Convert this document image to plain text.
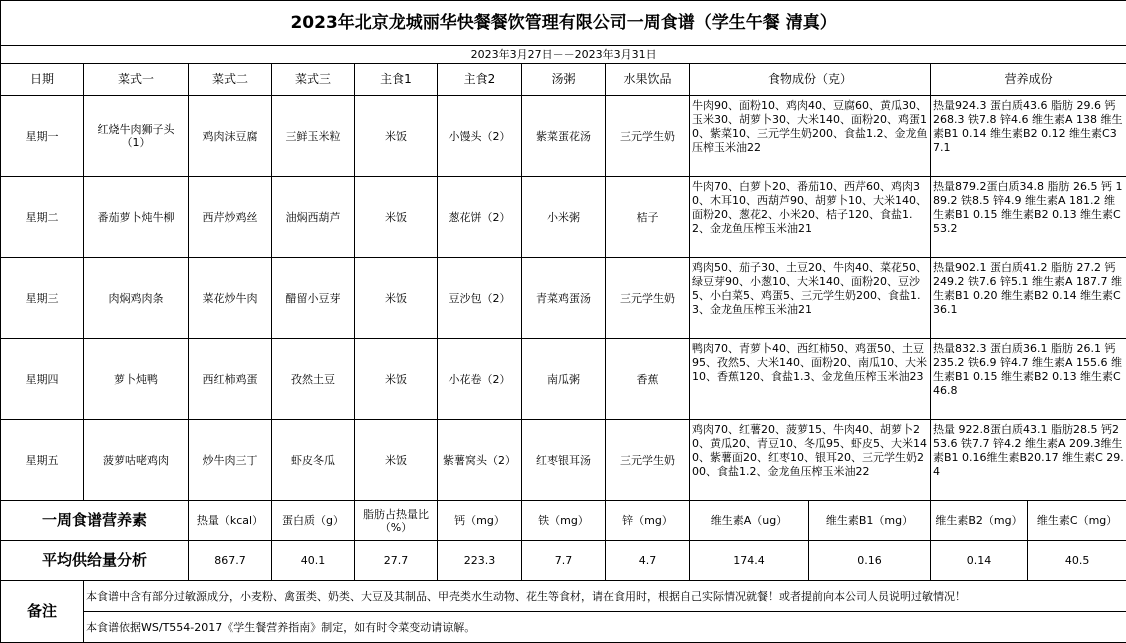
2023年北京龙城丽华快餐餐饮管理有限公司一周食谱（学生午餐 清真）											
2023年3月27日－－2023年3月31日											
日期	菜式一	菜式二	菜式三	主食1	主食2	汤粥	水果饮品	食物成份（克）		营养成份	
星期一	红烧牛肉狮子头（1）	鸡肉沫豆腐	三鲜玉米粒	米饭	小馒头（2）	紫菜蛋花汤	三元学生奶	牛肉90、面粉10、鸡肉40、豆腐60、黄瓜30、玉米30、胡萝卜30、大米140、面粉20、鸡蛋10、紫菜10、三元学生奶200、食盐1.2、金龙鱼压榨玉米油22		热量924.3 蛋白质43.6 脂肪 29.6 钙 268.3 铁7.8 锌4.6 维生素A 138 维生素B1 0.14 维生素B2 0.12 维生素C37.1	
星期二	番茄萝卜炖牛柳	西芹炒鸡丝	油焖西葫芦	米饭	葱花饼（2）	小米粥	桔子	牛肉70、白萝卜20、番茄10、西芹60、鸡肉30、木耳10、西葫芦90、胡萝卜10、大米140、面粉20、葱花2、小米20、桔子120、食盐1.2、金龙鱼压榨玉米油21		热量879.2蛋白质34.8 脂肪 26.5 钙 189.2 铁8.5 锌4.9 维生素A 181.2 维生素B1 0.15 维生素B2 0.13 维生素C53.2	
星期三	肉焖鸡肉条	菜花炒牛肉	醋留小豆芽	米饭	豆沙包（2）	青菜鸡蛋汤	三元学生奶	鸡肉50、茄子30、土豆20、牛肉40、菜花50、绿豆芽90、小葱10、大米140、面粉20、豆沙5、小白菜5、鸡蛋5、三元学生奶200、食盐1.3、金龙鱼压榨玉米油21		热量902.1 蛋白质41.2 脂肪 27.2 钙 249.2 铁7.6 锌5.1 维生素A 187.7 维生素B1 0.20 维生素B2 0.14 维生素C36.1	
星期四	萝卜炖鸭	西红柿鸡蛋	孜然土豆	米饭	小花卷（2）	南瓜粥	香蕉	鸭肉70、青萝卜40、西红柿50、鸡蛋50、土豆95、孜然5、大米140、面粉20、南瓜10、大米10、香蕉120、食盐1.3、金龙鱼压榨玉米油23		热量832.3 蛋白质36.1 脂肪 26.1 钙 235.2 铁6.9 锌4.7 维生素A 155.6 维生素B1 0.15 维生素B2 0.13 维生素C46.8	
星期五	菠萝咕咾鸡肉	炒牛肉三丁	虾皮冬瓜	米饭	紫薯窝头（2）	红枣银耳汤	三元学生奶	鸡肉70、红薯20、菠萝15、牛肉40、胡萝卜20、黄瓜20、青豆10、冬瓜95、虾皮5、大米140、紫薯面20、红枣10、银耳20、三元学生奶200、食盐1.2、金龙鱼压榨玉米油22		热量 922.8蛋白质43.1 脂肪28.5 钙253.6 铁7.7 锌4.2 维生素A 209.3维生素B1 0.16维生素B20.17 维生素C 29.4	
一周食谱营养素		热量（kcal）	蛋白质（g）	脂肪占热量比（%）	钙（mg）	铁（mg）	锌（mg）	维生素A（ug）	维生素B1（mg）	维生素B2（mg）	维生素C（mg）
平均供给量分析		867.7	40.1	27.7	223.3	7.7	4.7	174.4	0.16	0.14	40.5
备注	本食谱中含有部分过敏源成分，小麦粉、禽蛋类、奶类、大豆及其制品、甲壳类水生动物、花生等食材，请在食用时，根据自己实际情况就餐！或者提前向本公司人员说明过敏情况！										
	本食谱依据WS/T554-2017《学生餐营养指南》制定，如有时令菜变动请谅解。										
